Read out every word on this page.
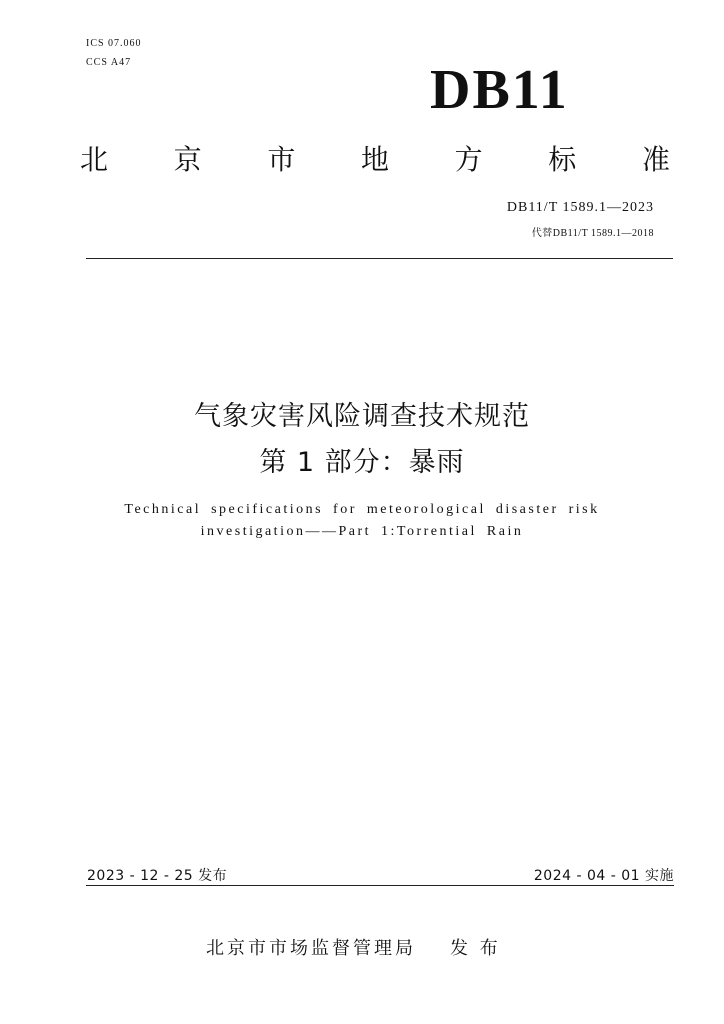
ICS 07.060
CCS A47	DB11
北 京 市 地 方 标 准
DB11/T 1589.1—2023
代替DB11/T 1589.1—2018
气象灾害风险调查技术规范
第 1 部分：暴雨
Technical specifications for meteorological disaster risk
investigation——Part 1:Torrential Rain
2023 - 12 - 25 发布	2024 - 04 - 01 实施
北京市市场监督管理局 发 布
